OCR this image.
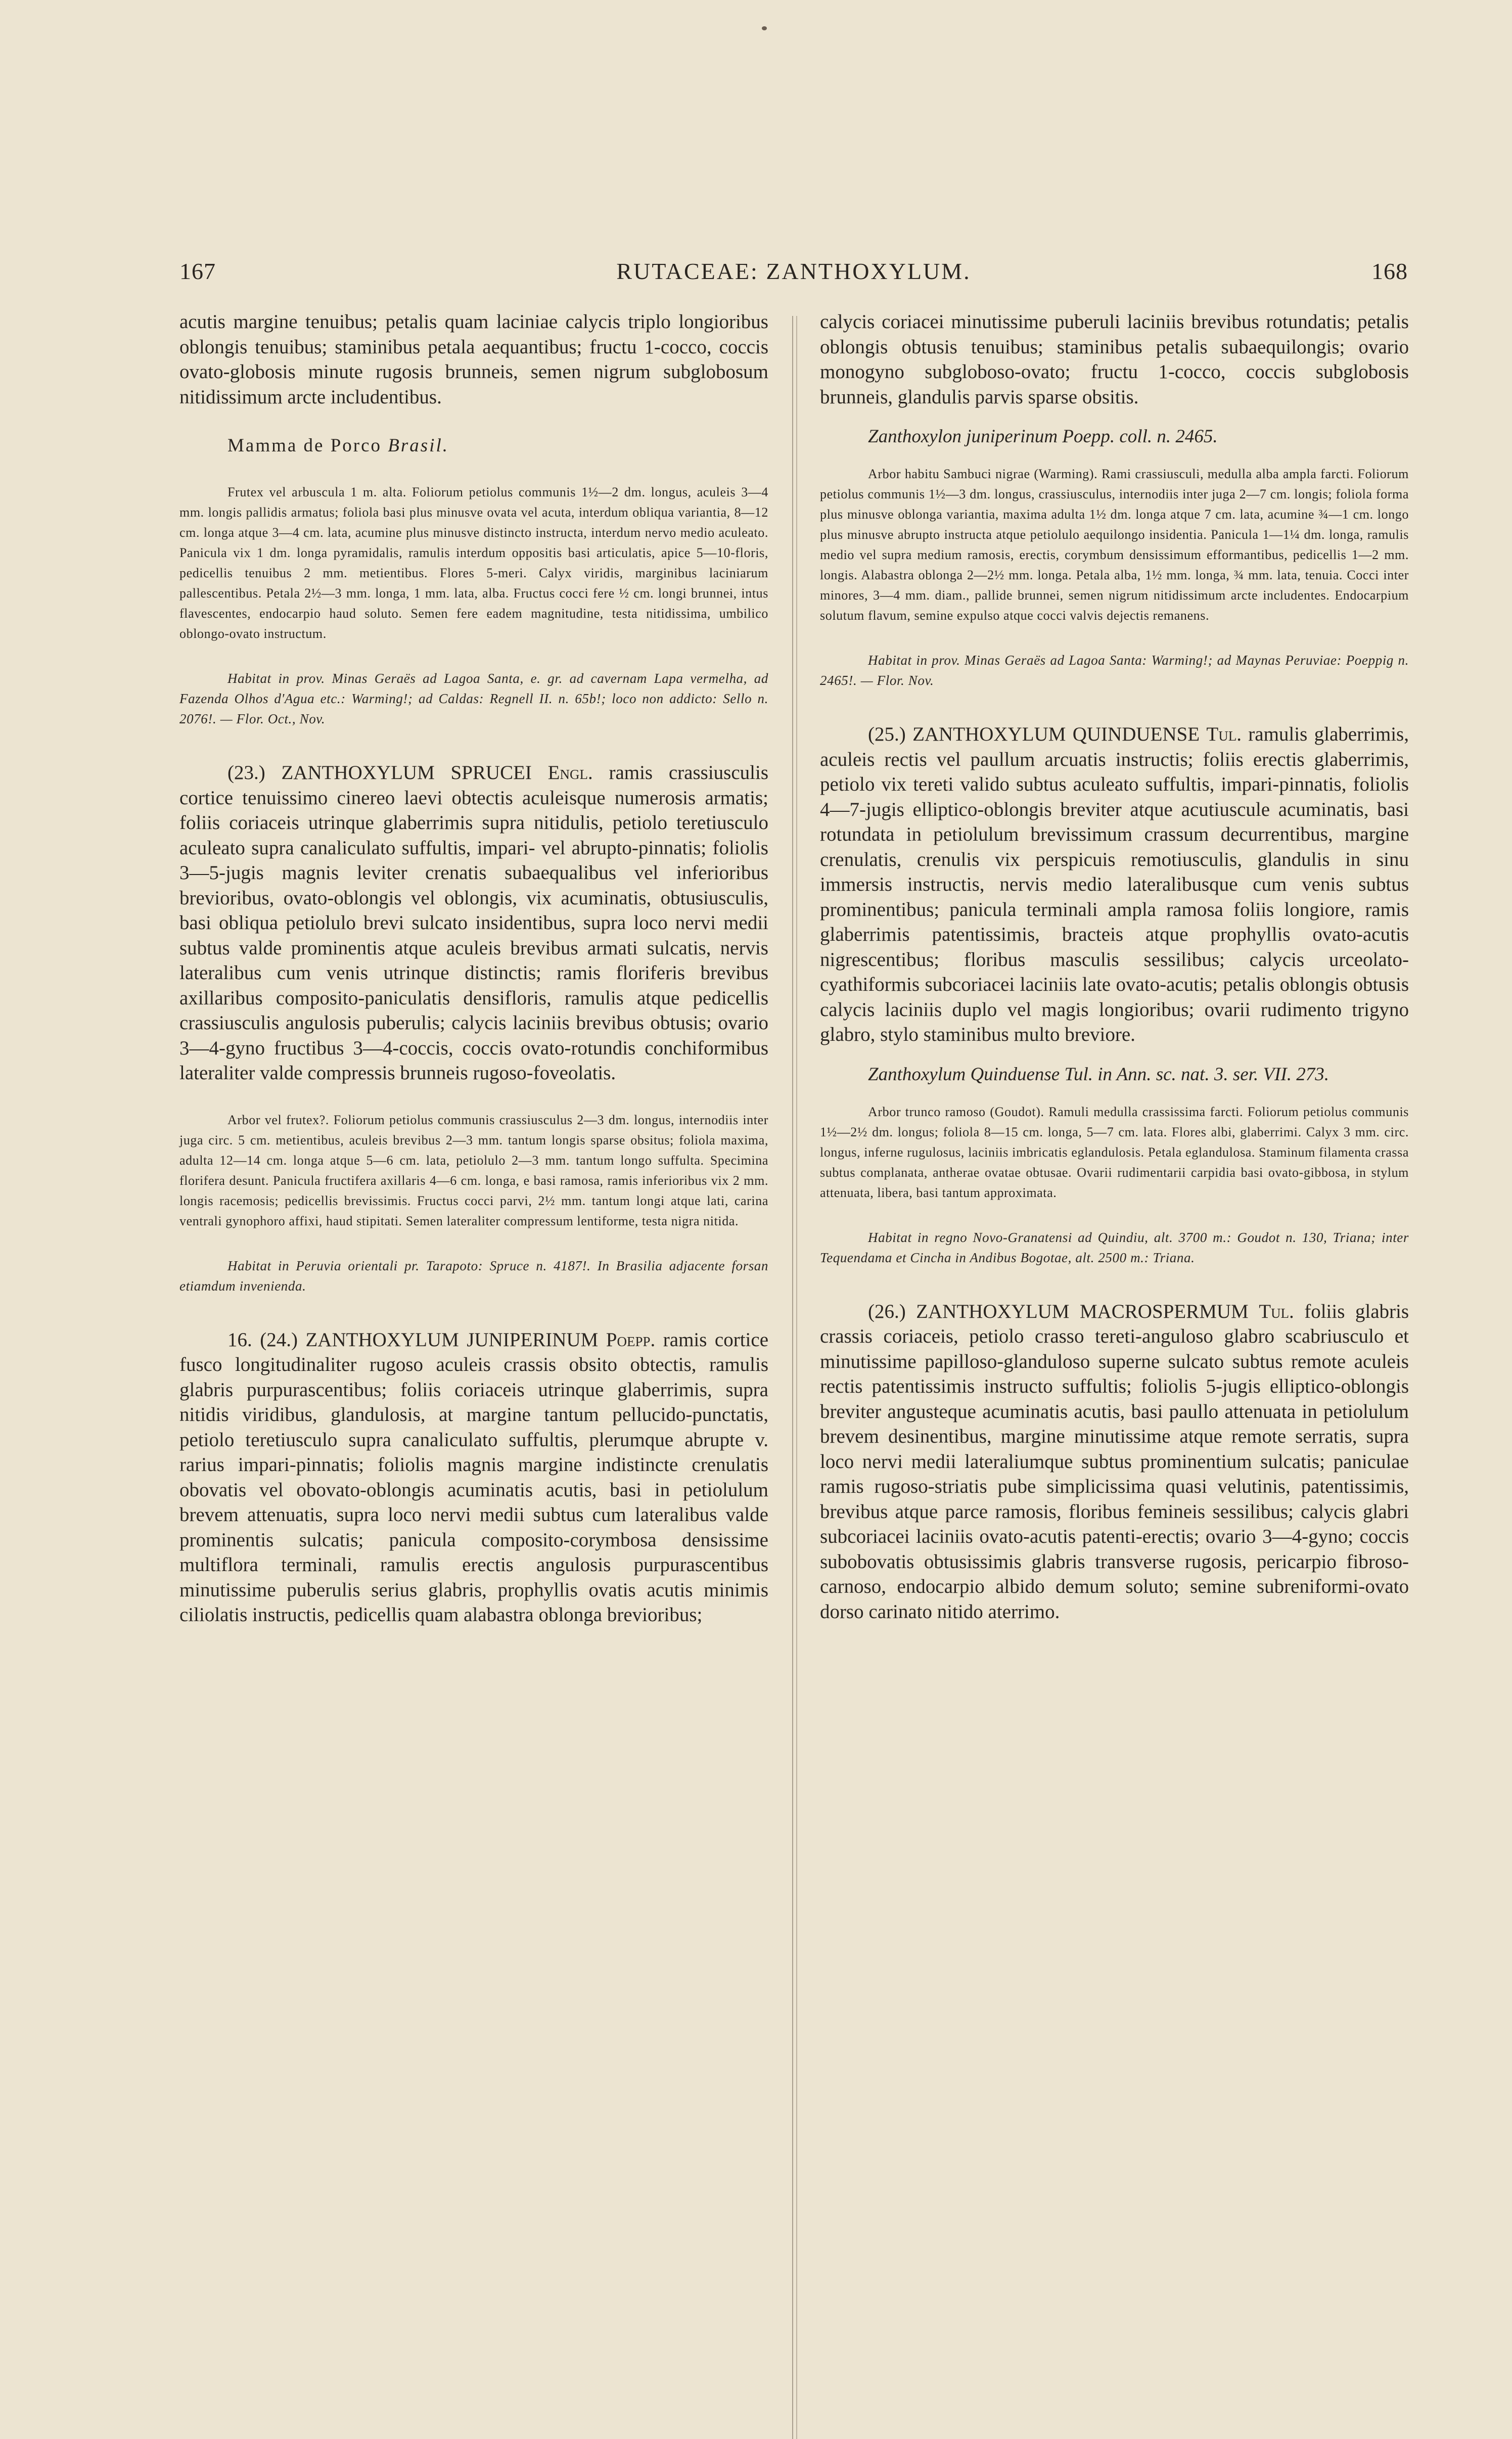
167	RUTACEAE: ZANTHOXYLUM.	168

acutis margine tenuibus; petalis quam laciniae calycis triplo longioribus oblongis tenuibus; staminibus petala aequantibus; fructu 1-cocco, coccis ovato-globosis minute rugosis brunneis, semen nigrum subglobosum nitidissimum arcte includentibus.

Mamma de Porco Brasil.

Frutex vel arbuscula 1 m. alta. Foliorum petiolus communis 1½—2 dm. longus, aculeis 3—4 mm. longis pallidis armatus; foliola basi plus minusve ovata vel acuta, interdum obliqua variantia, 8—12 cm. longa atque 3—4 cm. lata, acumine plus minusve distincto instructa, interdum nervo medio aculeato. Panicula vix 1 dm. longa pyramidalis, ramulis interdum oppositis basi articulatis, apice 5—10-floris, pedicellis tenuibus 2 mm. metientibus. Flores 5-meri. Calyx viridis, marginibus laciniarum pallescentibus. Petala 2½—3 mm. longa, 1 mm. lata, alba. Fructus cocci fere ½ cm. longi brunnei, intus flavescentes, endocarpio haud soluto. Semen fere eadem magnitudine, testa nitidissima, umbilico oblongo-ovato instructum.

Habitat in prov. Minas Geraës ad Lagoa Santa, e. gr. ad cavernam Lapa vermelha, ad Fazenda Olhos d'Agua etc.: Warming!; ad Caldas: Regnell II. n. 65b!; loco non addicto: Sello n. 2076!. — Flor. Oct., Nov.

(23.) ZANTHOXYLUM SPRUCEI Engl. ramis crassiusculis cortice tenuissimo cinereo laevi obtectis aculeisque numerosis armatis; foliis coriaceis utrinque glaberrimis supra nitidulis, petiolo teretiusculo aculeato supra canaliculato suffultis, impari- vel abrupto-pinnatis; foliolis 3—5-jugis magnis leviter crenatis subaequalibus vel inferioribus brevioribus, ovato-oblongis vel oblongis, vix acuminatis, obtusiusculis, basi obliqua petiolulo brevi sulcato insidentibus, supra loco nervi medii subtus valde prominentis atque aculeis brevibus armati sulcatis, nervis lateralibus cum venis utrinque distinctis; ramis floriferis brevibus axillaribus composito-paniculatis densifloris, ramulis atque pedicellis crassiusculis angulosis puberulis; calycis laciniis brevibus obtusis; ovario 3—4-gyno fructibus 3—4-coccis, coccis ovato-rotundis conchiformibus lateraliter valde compressis brunneis rugoso-foveolatis.

Arbor vel frutex?. Foliorum petiolus communis crassiusculus 2—3 dm. longus, internodiis inter juga circ. 5 cm. metientibus, aculeis brevibus 2—3 mm. tantum longis sparse obsitus; foliola maxima, adulta 12—14 cm. longa atque 5—6 cm. lata, petiolulo 2—3 mm. tantum longo suffulta. Specimina florifera desunt. Panicula fructifera axillaris 4—6 cm. longa, e basi ramosa, ramis inferioribus vix 2 mm. longis racemosis; pedicellis brevissimis. Fructus cocci parvi, 2½ mm. tantum longi atque lati, carina ventrali gynophoro affixi, haud stipitati. Semen lateraliter compressum lentiforme, testa nigra nitida.

Habitat in Peruvia orientali pr. Tarapoto: Spruce n. 4187!. In Brasilia adjacente forsan etiamdum invenienda.

16. (24.) ZANTHOXYLUM JUNIPERINUM Poepp. ramis cortice fusco longitudinaliter rugoso aculeis crassis obsito obtectis, ramulis glabris purpurascentibus; foliis coriaceis utrinque glaberrimis, supra nitidis viridibus, glandulosis, at margine tantum pellucido-punctatis, petiolo teretiusculo supra canaliculato suffultis, plerumque abrupte v. rarius impari-pinnatis; foliolis magnis margine indistincte crenulatis obovatis vel obovato-oblongis acuminatis acutis, basi in petiolulum brevem attenuatis, supra loco nervi medii subtus cum lateralibus valde prominentis sulcatis; panicula composito-corymbosa densissime multiflora terminali, ramulis erectis angulosis purpurascentibus minutissime puberulis serius glabris, prophyllis ovatis acutis minimis ciliolatis instructis, pedicellis quam alabastra oblonga brevioribus;

calycis coriacei minutissime puberuli laciniis brevibus rotundatis; petalis oblongis obtusis tenuibus; staminibus petalis subaequilongis; ovario monogyno subgloboso-ovato; fructu 1-cocco, coccis subglobosis brunneis, glandulis parvis sparse obsitis.

Zanthoxylon juniperinum Poepp. coll. n. 2465.

Arbor habitu Sambuci nigrae (Warming). Rami crassiusculi, medulla alba ampla farcti. Foliorum petiolus communis 1½—3 dm. longus, crassiusculus, internodiis inter juga 2—7 cm. longis; foliola forma plus minusve oblonga variantia, maxima adulta 1½ dm. longa atque 7 cm. lata, acumine ¾—1 cm. longo plus minusve abrupto instructa atque petiolulo aequilongo insidentia. Panicula 1—1¼ dm. longa, ramulis medio vel supra medium ramosis, erectis, corymbum densissimum efformantibus, pedicellis 1—2 mm. longis. Alabastra oblonga 2—2½ mm. longa. Petala alba, 1½ mm. longa, ¾ mm. lata, tenuia. Cocci inter minores, 3—4 mm. diam., pallide brunnei, semen nigrum nitidissimum arcte includentes. Endocarpium solutum flavum, semine expulso atque cocci valvis dejectis remanens.

Habitat in prov. Minas Geraës ad Lagoa Santa: Warming!; ad Maynas Peruviae: Poeppig n. 2465!. — Flor. Nov.

(25.) ZANTHOXYLUM QUINDUENSE Tul. ramulis glaberrimis, aculeis rectis vel paullum arcuatis instructis; foliis erectis glaberrimis, petiolo vix tereti valido subtus aculeato suffultis, impari-pinnatis, foliolis 4—7-jugis elliptico-oblongis breviter atque acutiuscule acuminatis, basi rotundata in petiolulum brevissimum crassum decurrentibus, margine crenulatis, crenulis vix perspicuis remotiusculis, glandulis in sinu immersis instructis, nervis medio lateralibusque cum venis subtus prominentibus; panicula terminali ampla ramosa foliis longiore, ramis glaberrimis patentissimis, bracteis atque prophyllis ovato-acutis nigrescentibus; floribus masculis sessilibus; calycis urceolato-cyathiformis subcoriacei laciniis late ovato-acutis; petalis oblongis obtusis calycis laciniis duplo vel magis longioribus; ovarii rudimento trigyno glabro, stylo staminibus multo breviore.

Zanthoxylum Quinduense Tul. in Ann. sc. nat. 3. ser. VII. 273.

Arbor trunco ramoso (Goudot). Ramuli medulla crassissima farcti. Foliorum petiolus communis 1½—2½ dm. longus; foliola 8—15 cm. longa, 5—7 cm. lata. Flores albi, glaberrimi. Calyx 3 mm. circ. longus, inferne rugulosus, laciniis imbricatis eglandulosis. Petala eglandulosa. Staminum filamenta crassa subtus complanata, antherae ovatae obtusae. Ovarii rudimentarii carpidia basi ovato-gibbosa, in stylum attenuata, libera, basi tantum approximata.

Habitat in regno Novo-Granatensi ad Quindiu, alt. 3700 m.: Goudot n. 130, Triana; inter Tequendama et Cincha in Andibus Bogotae, alt. 2500 m.: Triana.

(26.) ZANTHOXYLUM MACROSPERMUM Tul. foliis glabris crassis coriaceis, petiolo crasso tereti-anguloso glabro scabriusculo et minutissime papilloso-glanduloso superne sulcato subtus remote aculeis rectis patentissimis instructo suffultis; foliolis 5-jugis elliptico-oblongis breviter angusteque acuminatis acutis, basi paullo attenuata in petiolulum brevem desinentibus, margine minutissime atque remote serratis, supra loco nervi medii lateraliumque subtus prominentium sulcatis; paniculae ramis rugoso-striatis pube simplicissima quasi velutinis, patentissimis, brevibus atque parce ramosis, floribus femineis sessilibus; calycis glabri subcoriacei laciniis ovato-acutis patenti-erectis; ovario 3—4-gyno; coccis subobovatis obtusissimis glabris transverse rugosis, pericarpio fibroso-carnoso, endocarpio albido demum soluto; semine subreniformi-ovato dorso carinato nitido aterrimo.
